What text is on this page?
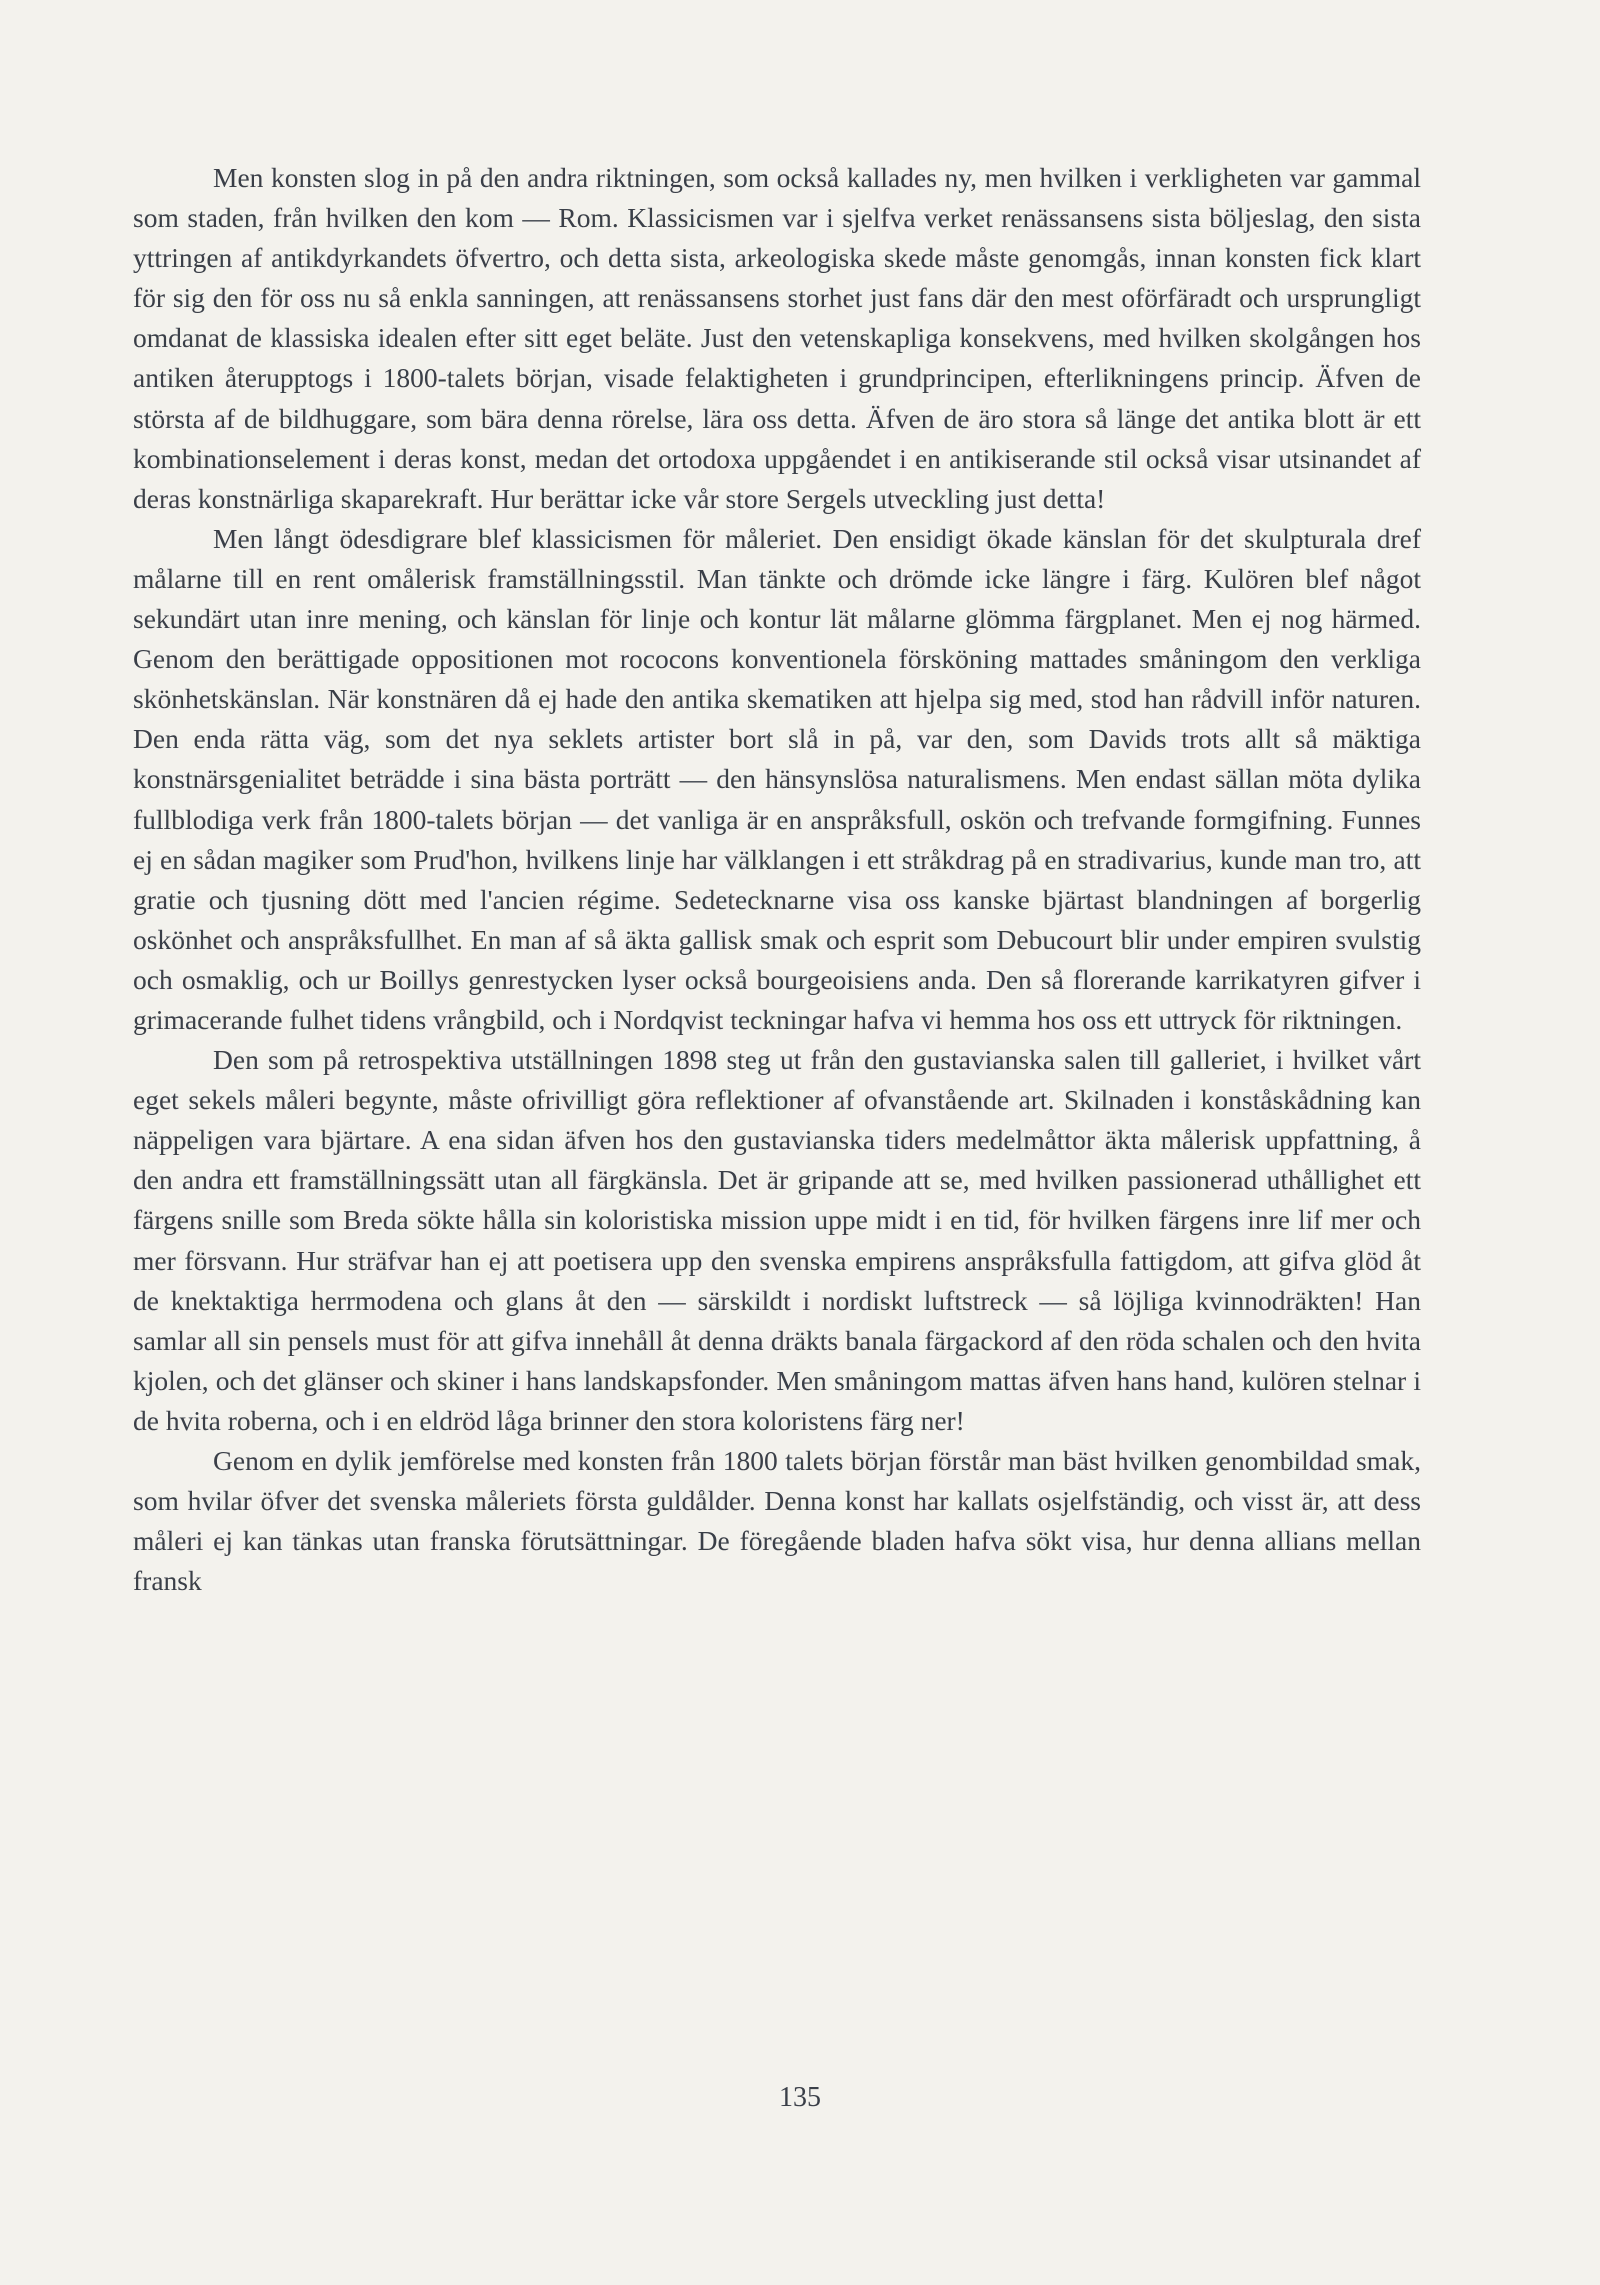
Men konsten slog in på den andra riktningen, som också kallades ny, men hvilken i verkligheten var gammal som staden, från hvilken den kom — Rom. Klassicismen var i sjelfva verket renässansens sista böljeslag, den sista yttringen af antikdyrkandets öfvertro, och detta sista, arkeologiska skede måste genomgås, innan konsten fick klart för sig den för oss nu så enkla sanningen, att renässansens storhet just fans där den mest oförfäradt och ursprungligt omdanat de klassiska idealen efter sitt eget beläte. Just den vetenskapliga konsekvens, med hvilken skolgången hos antiken återupptogs i 1800-talets början, visade felaktigheten i grundprincipen, efterlikningens princip. Äfven de största af de bildhuggare, som bära denna rörelse, lära oss detta. Äfven de äro stora så länge det antika blott är ett kombinationselement i deras konst, medan det ortodoxa uppgåendet i en antikiserande stil också visar utsinandet af deras konstnärliga skaparekraft. Hur berättar icke vår store Sergels utveckling just detta!

Men långt ödesdigrare blef klassicismen för måleriet. Den ensidigt ökade känslan för det skulpturala dref målarne till en rent omålerisk framställningsstil. Man tänkte och drömde icke längre i färg. Kulören blef något sekundärt utan inre mening, och känslan för linje och kontur lät målarne glömma färgplanet. Men ej nog härmed. Genom den berättigade oppositionen mot rococons konventionela försköning mattades småningom den verkliga skönhetskänslan. När konstnären då ej hade den antika skematiken att hjelpa sig med, stod han rådvill inför naturen. Den enda rätta väg, som det nya seklets artister bort slå in på, var den, som Davids trots allt så mäktiga konstnärsgenialitet beträdde i sina bästa porträtt — den hänsynslösa naturalismens. Men endast sällan möta dylika fullblodiga verk från 1800-talets början — det vanliga är en anspråksfull, oskön och trefvande formgifning. Funnes ej en sådan magiker som Prud'hon, hvilkens linje har välklangen i ett stråkdrag på en stradivarius, kunde man tro, att gratie och tjusning dött med l'ancien régime. Sedetecknarne visa oss kanske bjärtast blandningen af borgerlig oskönhet och anspråksfullhet. En man af så äkta gallisk smak och esprit som Debucourt blir under empiren svulstig och osmaklig, och ur Boillys genrestycken lyser också bourgeoisiens anda. Den så florerande karrikatyren gifver i grimacerande fulhet tidens vrångbild, och i Nordqvist teckningar hafva vi hemma hos oss ett uttryck för riktningen.

Den som på retrospektiva utställningen 1898 steg ut från den gustavianska salen till galleriet, i hvilket vårt eget sekels måleri begynte, måste ofrivilligt göra reflektioner af ofvanstående art. Skilnaden i konståskådning kan näppeligen vara bjärtare. A ena sidan äfven hos den gustavianska tiders medelmåttor äkta målerisk uppfattning, å den andra ett framställningssätt utan all färgkänsla. Det är gripande att se, med hvilken passionerad uthållighet ett färgens snille som Breda sökte hålla sin koloristiska mission uppe midt i en tid, för hvilken färgens inre lif mer och mer försvann. Hur sträfvar han ej att poetisera upp den svenska empirens anspråksfulla fattigdom, att gifva glöd åt de knektaktiga herrmodena och glans åt den — särskildt i nordiskt luftstreck — så löjliga kvinnodräkten! Han samlar all sin pensels must för att gifva innehåll åt denna dräkts banala färgackord af den röda schalen och den hvita kjolen, och det glänser och skiner i hans landskapsfonder. Men småningom mattas äfven hans hand, kulören stelnar i de hvita roberna, och i en eldröd låga brinner den stora koloristens färg ner!

Genom en dylik jemförelse med konsten från 1800 talets början förstår man bäst hvilken genombildad smak, som hvilar öfver det svenska måleriets första guldålder. Denna konst har kallats osjelfständig, och visst är, att dess måleri ej kan tänkas utan franska förutsättningar. De föregående bladen hafva sökt visa, hur denna allians mellan fransk

135
